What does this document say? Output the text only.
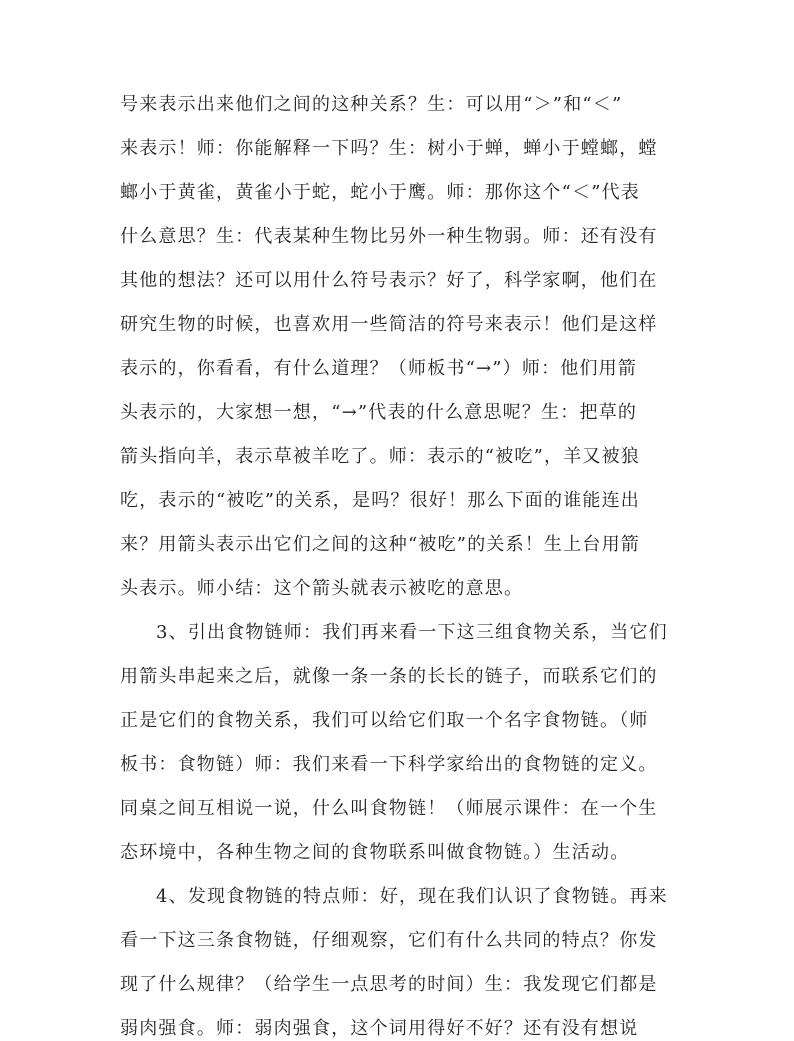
号来表示出来他们之间的这种关系？生：可以用“＞”和“＜”
来表示！师：你能解释一下吗？生：树小于蝉，蝉小于螳螂，螳
螂小于黄雀，黄雀小于蛇，蛇小于鹰。师：那你这个“＜”代表
什么意思？生：代表某种生物比另外一种生物弱。师：还有没有
其他的想法？还可以用什么符号表示？好了，科学家啊，他们在
研究生物的时候，也喜欢用一些简洁的符号来表示！他们是这样
表示的，你看看，有什么道理？（师板书“→”）师：他们用箭
头表示的，大家想一想，“→”代表的什么意思呢？生：把草的
箭头指向羊，表示草被羊吃了。师：表示的“被吃”，羊又被狼
吃，表示的“被吃”的关系，是吗？很好！那么下面的谁能连出
来？用箭头表示出它们之间的这种“被吃”的关系！生上台用箭
头表示。师小结：这个箭头就表示被吃的意思。
3、引出食物链师：我们再来看一下这三组食物关系，当它们
用箭头串起来之后，就像一条一条的长长的链子，而联系它们的
正是它们的食物关系，我们可以给它们取一个名字食物链。（师
板书：食物链）师：我们来看一下科学家给出的食物链的定义。
同桌之间互相说一说，什么叫食物链！（师展示课件：在一个生
态环境中，各种生物之间的食物联系叫做食物链。）生活动。
4、发现食物链的特点师：好，现在我们认识了食物链。再来
看一下这三条食物链，仔细观察，它们有什么共同的特点？你发
现了什么规律？（给学生一点思考的时间）生：我发现它们都是
弱肉强食。师：弱肉强食，这个词用得好不好？还有没有想说
